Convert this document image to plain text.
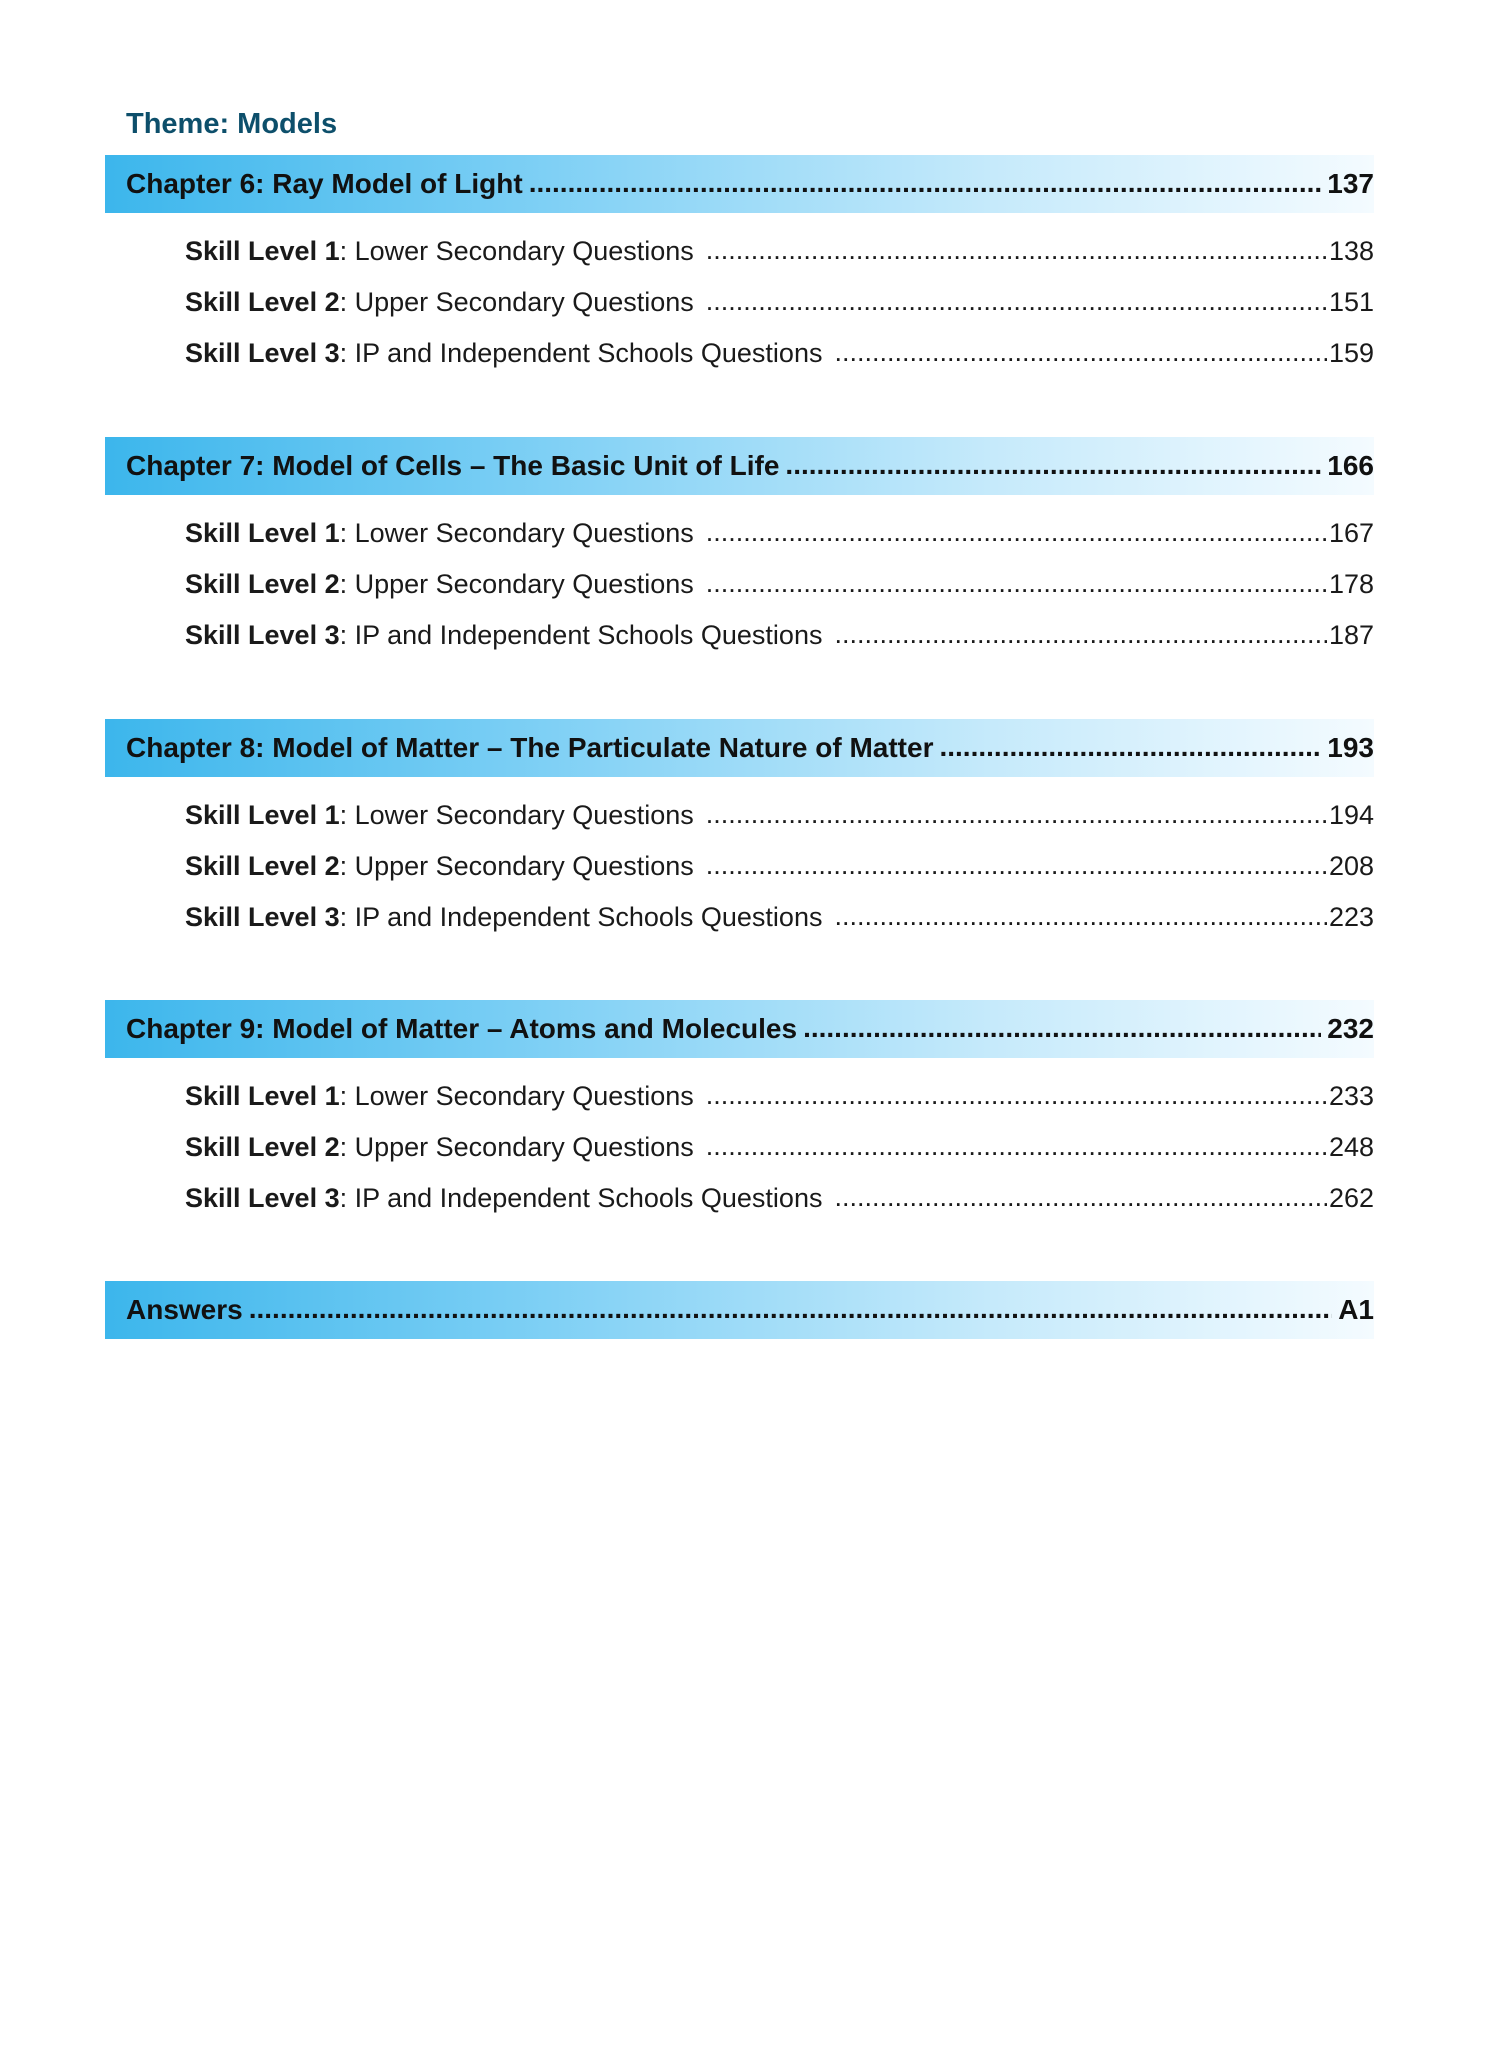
Theme: Models
Chapter 6: Ray Model of Light .....	137
Skill Level 1: Lower Secondary Questions .....	138
Skill Level 2: Upper Secondary Questions .....	151
Skill Level 3: IP and Independent Schools Questions .....	159
Chapter 7: Model of Cells – The Basic Unit of Life .....	166
Skill Level 1: Lower Secondary Questions .....	167
Skill Level 2: Upper Secondary Questions .....	178
Skill Level 3: IP and Independent Schools Questions .....	187
Chapter 8: Model of Matter – The Particulate Nature of Matter .....	193
Skill Level 1: Lower Secondary Questions .....	194
Skill Level 2: Upper Secondary Questions .....	208
Skill Level 3: IP and Independent Schools Questions .....	223
Chapter 9: Model of Matter – Atoms and Molecules .....	232
Skill Level 1: Lower Secondary Questions .....	233
Skill Level 2: Upper Secondary Questions .....	248
Skill Level 3: IP and Independent Schools Questions .....	262
Answers .....	A1
